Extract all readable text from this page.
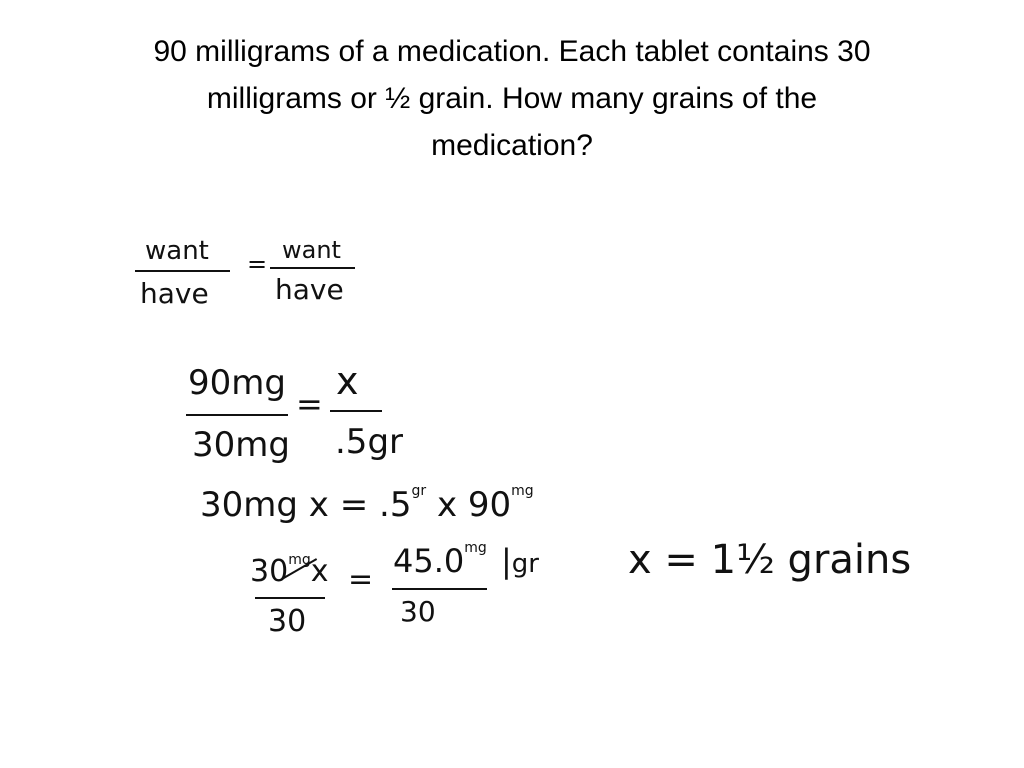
90 milligrams of a medication. Each tablet contains 30
milligrams or ½ grain. How many grains of the
medication?
want
have
= want
have
90mg
30mg
=
x
.5gr
30mg $x = .5^{gr}$ x $90^{mg}$
$30^{mg}x$
30
= $45.0^{mg}$ |gr
30
x = 1½ grains
